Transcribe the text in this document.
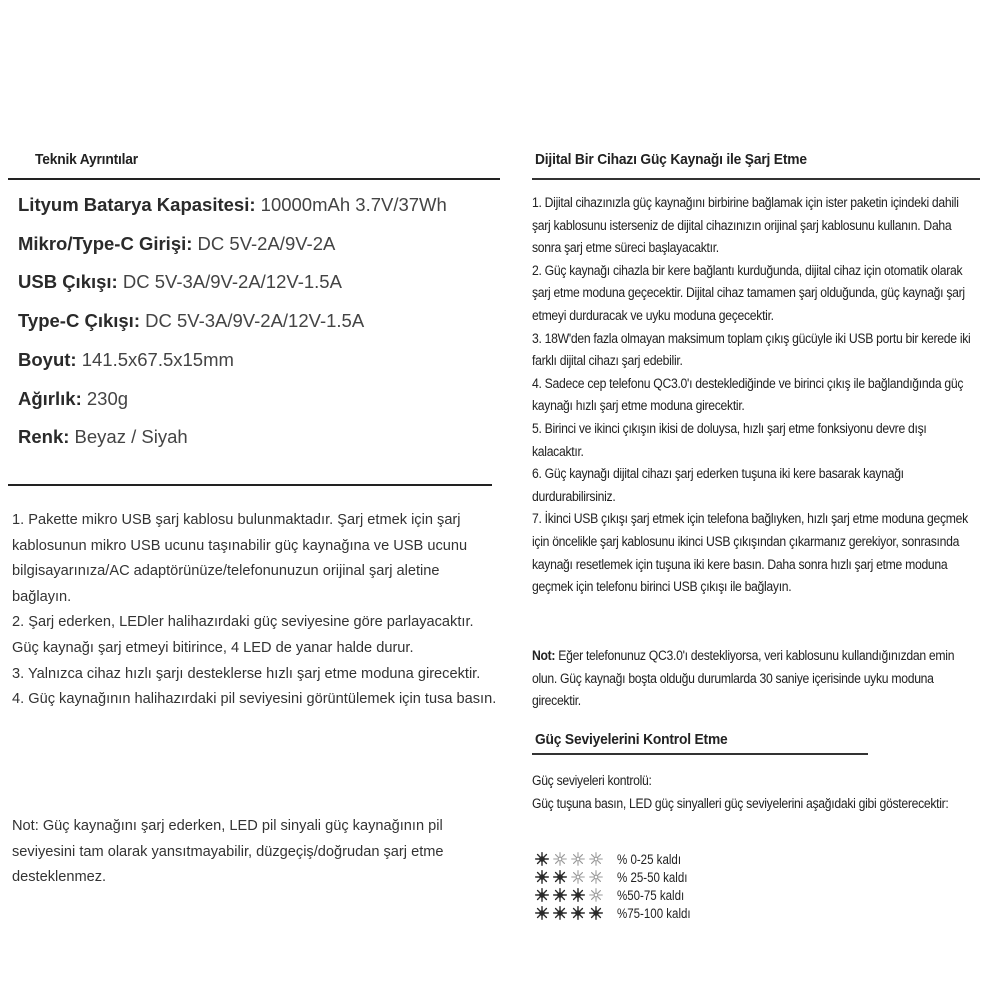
Teknik Ayrıntılar
Lityum Batarya Kapasitesi: 10000mAh 3.7V/37Wh
Mikro/Type-C Girişi: DC 5V-2A/9V-2A
USB Çıkışı: DC 5V-3A/9V-2A/12V-1.5A
Type-C Çıkışı: DC 5V-3A/9V-2A/12V-1.5A
Boyut: 141.5x67.5x15mm
Ağırlık: 230g
Renk: Beyaz / Siyah

1. Pakette mikro USB şarj kablosu bulunmaktadır. Şarj etmek için şarj kablosunun mikro USB ucunu taşınabilir güç kaynağına ve USB ucunu bilgisayarınıza/AC adaptörünüze/telefonunuzun orijinal şarj aletine bağlayın.

2. Şarj ederken, LEDler halihazırdaki güç seviyesine göre parlayacaktır. Güç kaynağı şarj etmeyi bitirince, 4 LED de yanar halde durur.

3. Yalnızca cihaz hızlı şarjı desteklerse hızlı şarj etme moduna girecektir.

4. Güç kaynağının halihazırdaki pil seviyesini görüntülemek için tusa basın.

Not: Güç kaynağını şarj ederken, LED pil sinyali güç kaynağının pil seviyesini tam olarak yansıtmayabilir, düzgeçiş/doğrudan şarj etme desteklenmez.

Dijital Bir Cihazı Güç Kaynağı ile Şarj Etme

1. Dijital cihazınızla güç kaynağını birbirine bağlamak için ister paketin içindeki dahili şarj kablosunu isterseniz de dijital cihazınızın orijinal şarj kablosunu kullanın. Daha sonra şarj etme süreci başlayacaktır.

2. Güç kaynağı cihazla bir kere bağlantı kurduğunda, dijital cihaz için otomatik olarak şarj etme moduna geçecektir. Dijital cihaz tamamen şarj olduğunda, güç kaynağı şarj etmeyi durduracak ve uyku moduna geçecektir.

3. 18W'den fazla olmayan maksimum toplam çıkış gücüyle iki USB portu bir kerede iki farklı dijital cihazı şarj edebilir.

4. Sadece cep telefonu QC3.0'ı desteklediğinde ve birinci çıkış ile bağlandığında güç kaynağı hızlı şarj etme moduna girecektir.

5. Birinci ve ikinci çıkışın ikisi de doluysa, hızlı şarj etme fonksiyonu devre dışı kalacaktır.

6. Güç kaynağı dijital cihazı şarj ederken tuşuna iki kere basarak kaynağı durdurabilirsiniz.

7. İkinci USB çıkışı şarj etmek için telefona bağlıyken, hızlı şarj etme moduna geçmek için öncelikle şarj kablosunu ikinci USB çıkışından çıkarmanız gerekiyor, sonrasında kaynağı resetlemek için tuşuna iki kere basın. Daha sonra hızlı şarj etme moduna geçmek için telefonu birinci USB çıkışı ile bağlayın.

Not: Eğer telefonunuz QC3.0'ı destekliyorsa, veri kablosunu kullandığınızdan emin olun. Güç kaynağı boşta olduğu durumlarda 30 saniye içerisinde uyku moduna girecektir.

Güç Seviyelerini Kontrol Etme

Güç seviyeleri kontrolü:

Güç tuşuna basın, LED güç sinyalleri güç seviyelerini aşağıdaki gibi gösterecektir:

% 0-25 kaldı
% 25-50 kaldı
%50-75 kaldı
%75-100 kaldı
